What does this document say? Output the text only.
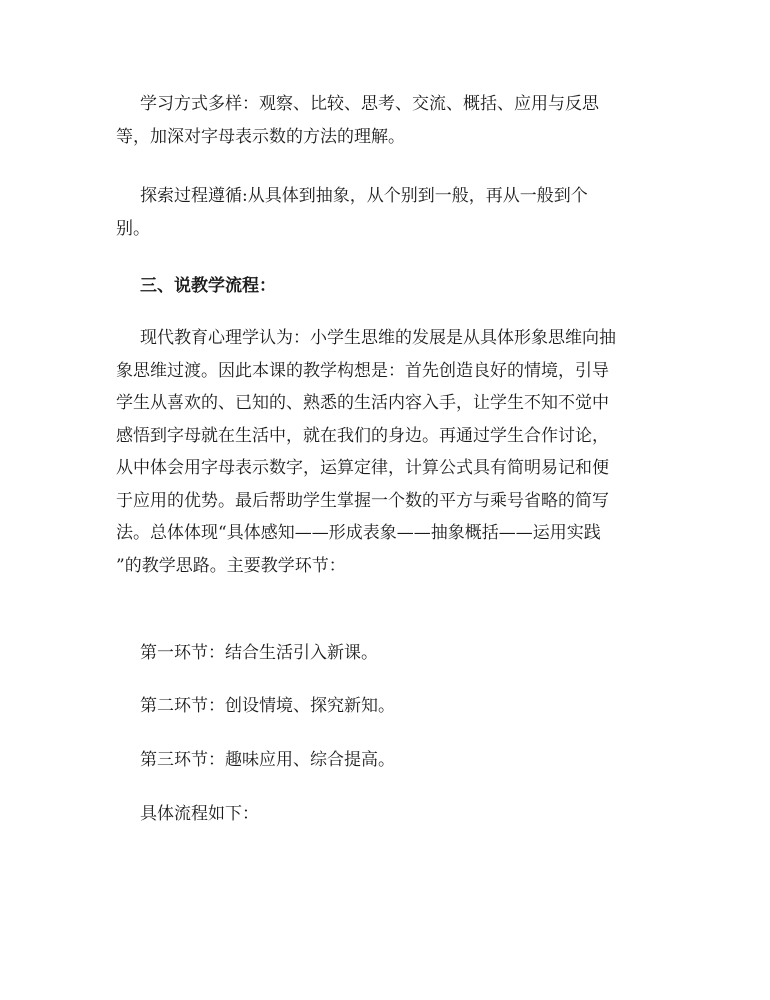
学习方式多样：观察、比较、思考、交流、概括、应用与反思
等，加深对字母表示数的方法的理解。

探索过程遵循:从具体到抽象，从个别到一般，再从一般到个
别。

三、说教学流程：

现代教育心理学认为：小学生思维的发展是从具体形象思维向抽
象思维过渡。因此本课的教学构想是：首先创造良好的情境，引导
学生从喜欢的、已知的、熟悉的生活内容入手，让学生不知不觉中
感悟到字母就在生活中，就在我们的身边。再通过学生合作讨论，
从中体会用字母表示数字，运算定律，计算公式具有简明易记和便
于应用的优势。最后帮助学生掌握一个数的平方与乘号省略的简写
法。总体体现“具体感知——形成表象——抽象概括——运用实践
”的教学思路。主要教学环节：

第一环节：结合生活引入新课。

第二环节：创设情境、探究新知。

第三环节：趣味应用、综合提高。

具体流程如下：
